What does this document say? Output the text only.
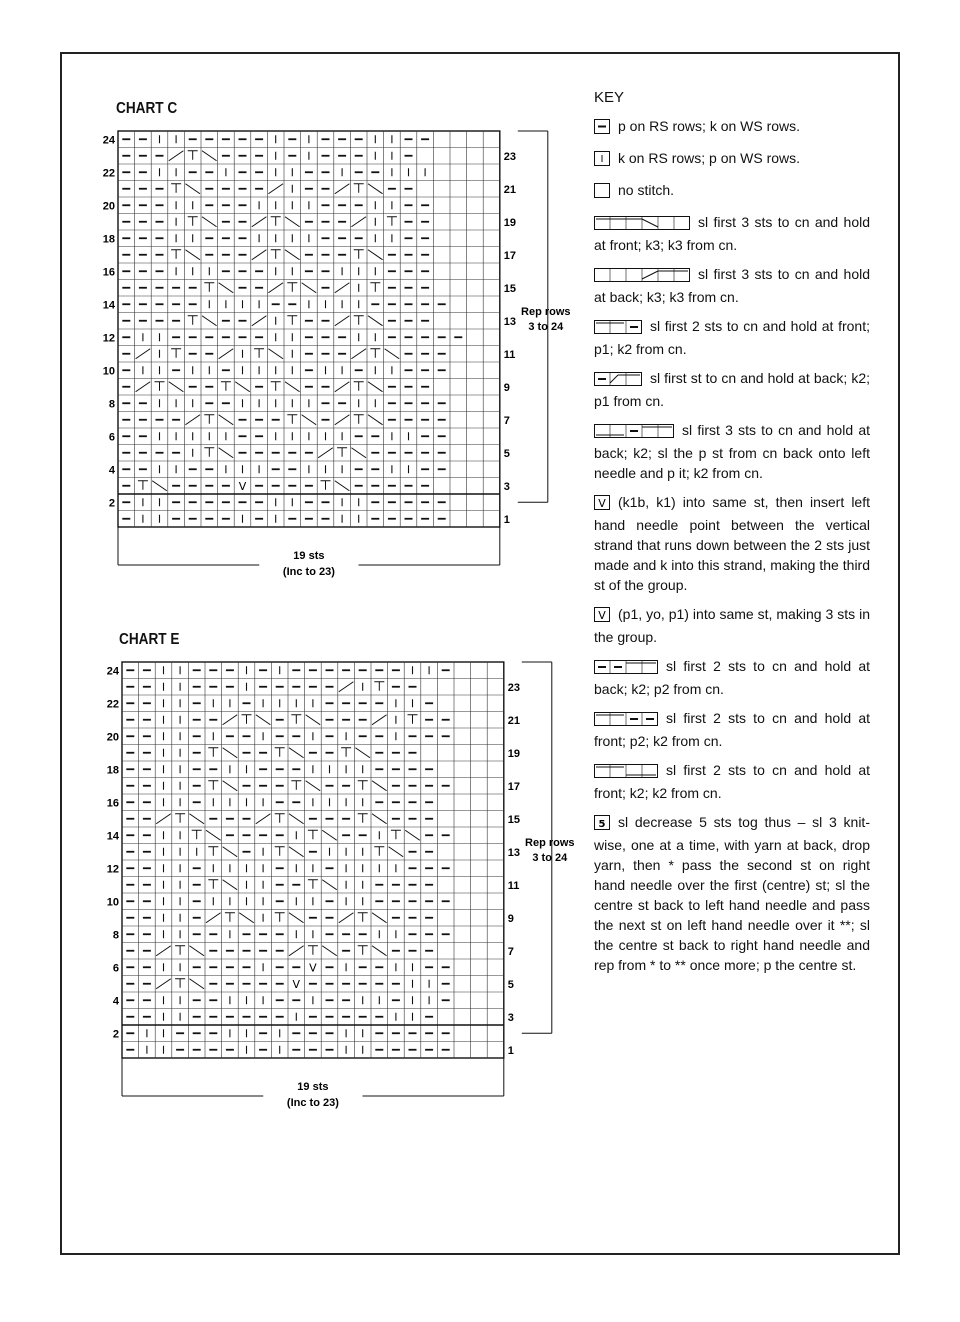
CHART C
V
24
22
20
18
16
14
12
10
8
6
4
2
23
21
19
17
15
13
11
9
7
5
3
1
Rep rows
3 to 24
19 sts
(Inc to 23)
CHART E
V
V
24
22
20
18
16
14
12
10
8
6
4
2
23
21
19
17
15
13
11
9
7
5
3
1
Rep rows
3 to 24
19 sts
(Inc to 23)
KEY
p on RS rows; k on WS rows.
k on RS rows; p on WS rows.
no stitch.
sl first 3 sts to cn and hold at front; k3; k3 from cn.
sl first 3 sts to cn and hold at back; k3; k3 from cn.
sl first 2 sts to cn and hold at front; p1; k2 from cn.
sl first st to cn and hold at back; k2; p1 from cn.
sl first 3 sts to cn and hold at back; k2; sl the p st from cn back onto left needle and p it; k2 from cn.
V (k1b, k1) into same st, then insert left hand needle point between the vertical strand that runs down between the 2 sts just made and k into this strand, making the third st of the group.
V (p1, yo, p1) into same st, making 3 sts in the group.
sl first 2 sts to cn and hold at back; k2; p2 from cn.
sl first 2 sts to cn and hold at front; p2; k2 from cn.
sl first 2 sts to cn and hold at front; k2; k2 from cn.
5 sl decrease 5 sts tog thus – sl 3 knit-wise, one at a time, with yarn at back, drop yarn, then * pass the second st on right hand needle over the first (centre) st; sl the centre st back to left hand needle and pass the next st on left hand needle over it **; sl the centre st back to right hand needle and rep from * to ** once more; p the centre st.
